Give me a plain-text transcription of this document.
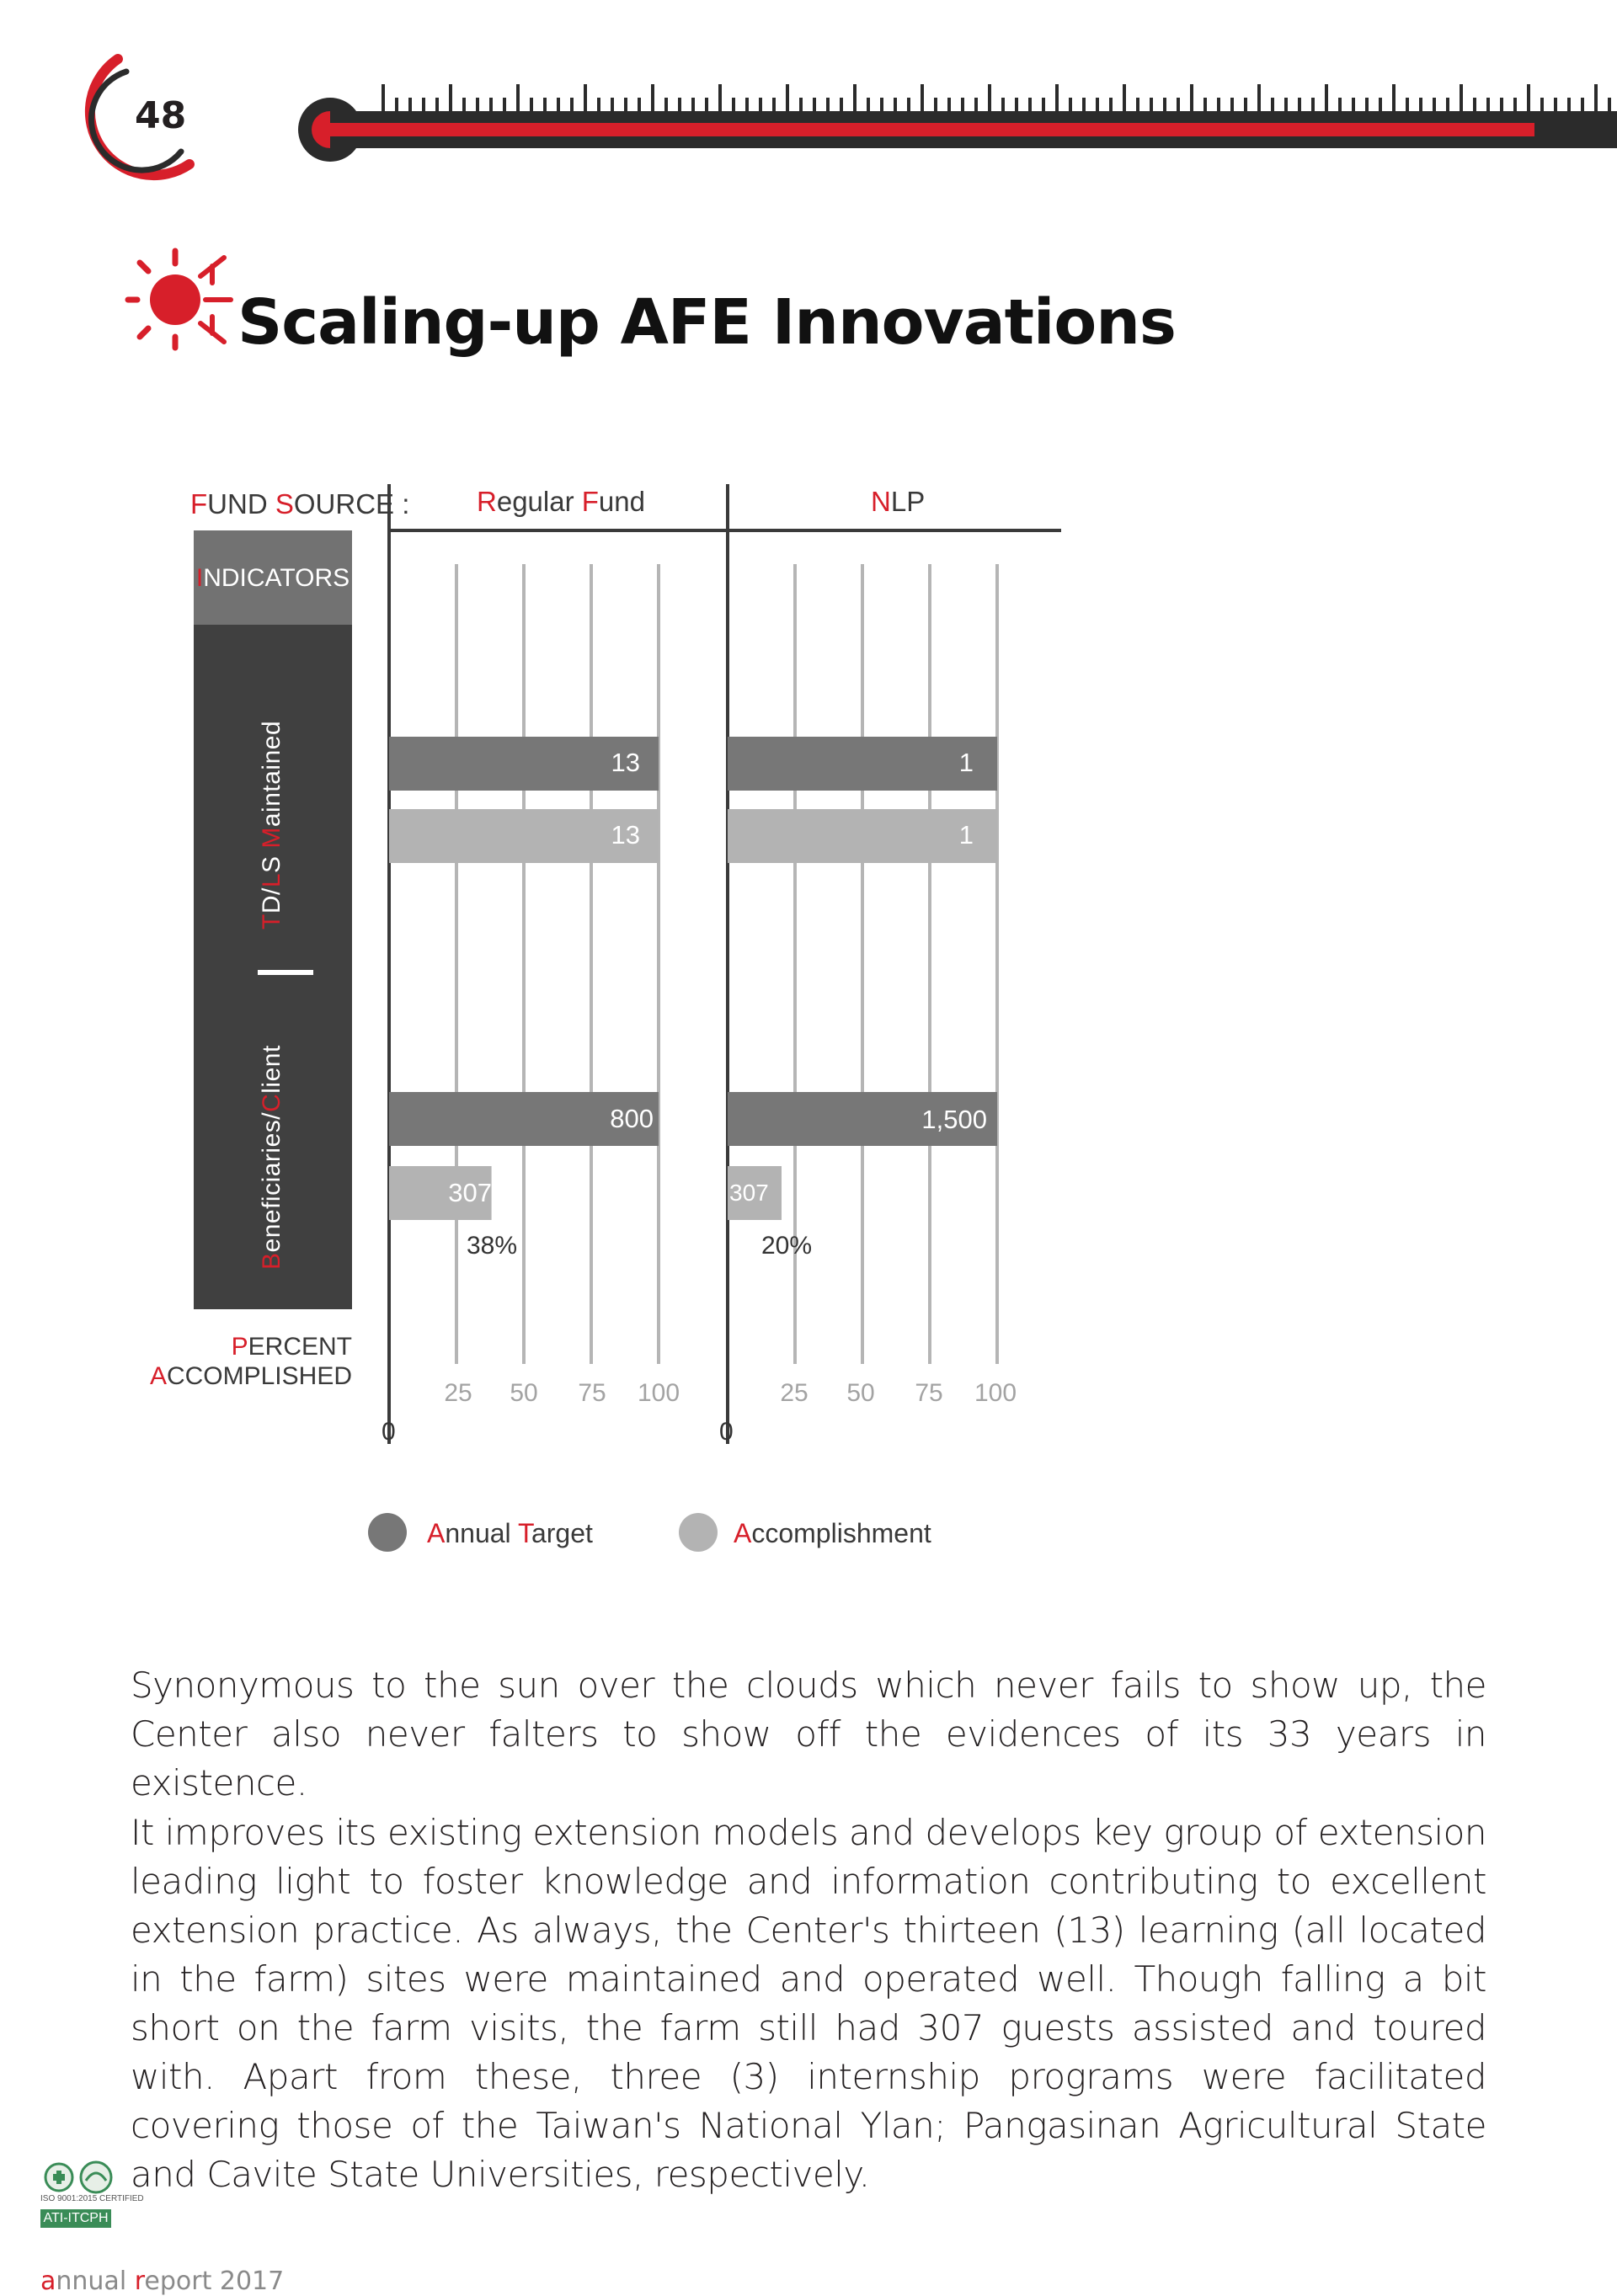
48
Scaling-up AFE Innovations
FUND SOURCE : Regular Fund	NLP
INDICATORS
TD/LS Maintained
Beneficiaries/Client
PERCENT
ACCOMPLISHED
13
13
1
1
800
307
1,500
307
38%	20%
25	50	75	100	25	50	75	100
0	0
Annual Target	Accomplishment

Synonymous to the sun over the clouds which never fails to show up, the Center also never falters to show off the evidences of its 33 years in existence.

It improves its existing extension models and develops key group of extension leading light to foster knowledge and information contributing to excellent extension practice. As always, the Center's thirteen (13) learning (all located in the farm) sites were maintained and operated well. Though falling a bit short on the farm visits, the farm still had 307 guests assisted and toured with. Apart from these, three (3) internship programs were facilitated covering those of the Taiwan's National Ylan; Pangasinan Agricultural State and Cavite State Universities, respectively.

ISO 9001:2015 CERTIFIED
ATI-ITCPH
annual report 2017
